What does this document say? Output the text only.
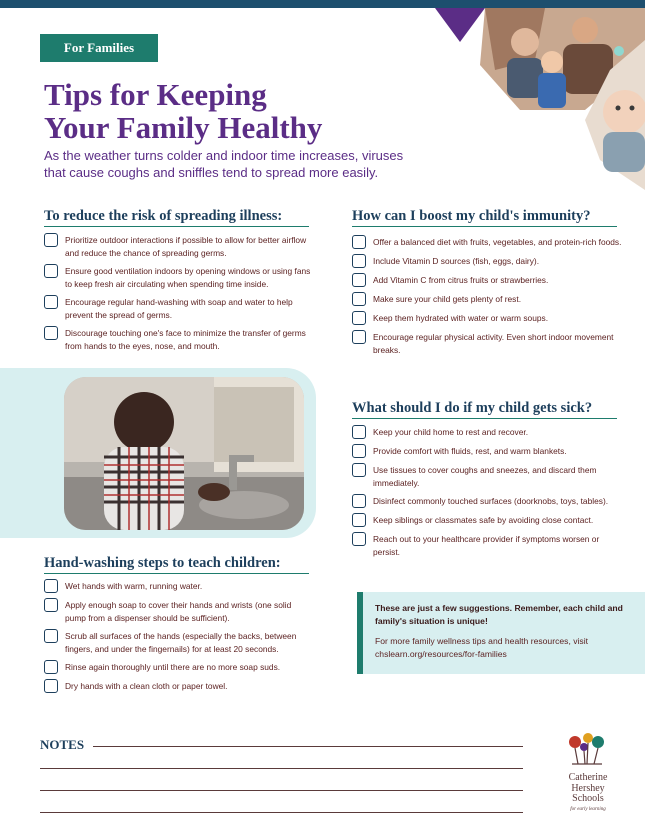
For Families
Tips for Keeping
Your Family Healthy
As the weather turns colder and indoor time increases, viruses that cause coughs and sniffles tend to spread more easily.
To reduce the risk of spreading illness:
Prioritize outdoor interactions if possible to allow for better airflow and reduce the chance of spreading germs.
Ensure good ventilation indoors by opening windows or using fans to keep fresh air circulating when spending time inside.
Encourage regular hand-washing with soap and water to help prevent the spread of germs.
Discourage touching one's face to minimize the transfer of germs from hands to the eyes, nose, and mouth.
Hand-washing steps to teach children:
Wet hands with warm, running water.
Apply enough soap to cover their hands and wrists (one solid pump from a dispenser should be sufficient).
Scrub all surfaces of the hands (especially the backs, between fingers, and under the fingernails) for at least 20 seconds.
Rinse again thoroughly until there are no more soap suds.
Dry hands with a clean cloth or paper towel.
How can I boost my child's immunity?
Offer a balanced diet with fruits, vegetables, and protein-rich foods.
Include Vitamin D sources (fish, eggs, dairy).
Add Vitamin C from citrus fruits or strawberries.
Make sure your child gets plenty of rest.
Keep them hydrated with water or warm soups.
Encourage regular physical activity. Even short indoor movement breaks.
What should I do if my child gets sick?
Keep your child home to rest and recover.
Provide comfort with fluids, rest, and warm blankets.
Use tissues to cover coughs and sneezes, and discard them immediately.
Disinfect commonly touched surfaces (doorknobs, toys, tables).
Keep siblings or classmates safe by avoiding close contact.
Reach out to your healthcare provider if symptoms worsen or persist.
These are just a few suggestions. Remember, each child and family's situation is unique!
For more family wellness tips and health resources, visit chslearn.org/resources/for-families
NOTES
Catherine
Hershey
Schools
for early learning
